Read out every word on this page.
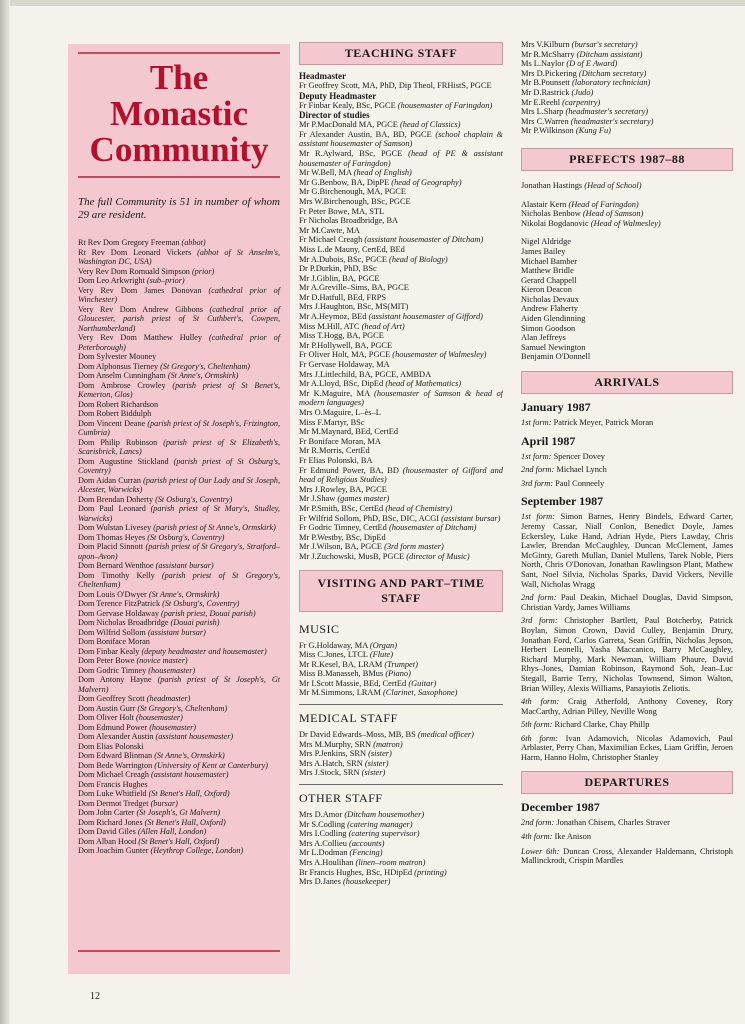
The
Monastic
Community

The full Community is 51 in number of whom 29 are resident.

Rt Rev Dom Gregory Freeman (abbot)

Rt Rev Dom Leonard Vickers (abbot of St Anselm's, Washington DC, USA)

Very Rev Dom Romuald Simpson (prior)

Dom Leo Arkwright (sub–prior)

Very Rev Dom James Donovan (cathedral prior of Winchester)

Very Rev Dom Andrew Gibbons (cathedral prior of Gloucester, parish priest of St Cuthbert's, Cowpen, Northumberland)

Very Rev Dom Matthew Hulley (cathedral prior of Peterborough)

Dom Sylvester Mooney

Dom Alphonsus Tierney (St Gregory's, Cheltenham)

Dom Anselm Cunningham (St Anne's, Ormskirk)

Dom Ambrose Crowley (parish priest of St Benet's, Kemerton, Glos)

Dom Robert Richardson

Dom Robert Biddulph

Dom Vincent Deane (parish priest of St Joseph's, Frizington, Cumbria)

Dom Philip Robinson (parish priest of St Elizabeth's, Scarisbrick, Lancs)

Dom Augustine Stickland (parish priest of St Osburg's, Coventry)

Dom Aidan Curran (parish priest of Our Lady and St Joseph, Alcester, Warwicks)

Dom Brendan Doherty (St Osburg's, Coventry)

Dom Paul Leonard (parish priest of St Mary's, Studley, Warwicks)

Dom Wulstan Livesey (parish priest of St Anne's, Ormskirk)

Dom Thomas Heyes (St Osburg's, Coventry)

Dom Placid Sinnott (parish priest of St Gregory's, Stratford–upon–Avon)

Dom Bernard Wenthoe (assistant bursar)

Dom Timothy Kelly (parish priest of St Gregory's, Cheltenham)

Dom Louis O'Dwyer (St Anne's, Ormskirk)

Dom Terence FitzPatrick (St Osburg's, Coventry)

Dom Gervase Holdaway (parish priest, Douai parish)

Dom Nicholas Broadbridge (Douai parish)

Dom Wilfrid Sollom (assistant bursar)

Dom Boniface Moran

Dom Finbar Kealy (deputy headmaster and housemaster)

Dom Peter Bowe (novice master)

Dom Godric Timney (housemaster)

Dom Antony Hayne (parish priest of St Joseph's, Gt Malvern)

Dom Geoffrey Scott (headmaster)

Dom Austin Gurr (St Gregory's, Cheltenham)

Dom Oliver Holt (housemaster)

Dom Edmund Power (housemaster)

Dom Alexander Austin (assistant housemaster)

Dom Elias Polonski

Dom Edward Blinman (St Anne's, Ormskirk)

Dom Bede Warrington (University of Kent at Canterbury)

Dom Michael Creagh (assistant housemaster)

Dom Francis Hughes

Dom Luke Whitfield (St Benet's Hall, Oxford)

Dom Dermot Tredget (bursar)

Dom John Carter (St Joseph's, Gt Malvern)

Dom Richard Jones (St Benet's Hall, Oxford)

Dom David Giles (Allen Hall, London)

Dom Alban Hood (St Benet's Hall, Oxford)

Dom Joachim Gunter (Heythrop College, London)

TEACHING STAFF

Headmaster

Fr Geoffrey Scott, MA, PhD, Dip Theol, FRHistS, PGCE

Deputy Headmaster

Fr Finbar Kealy, BSc, PGCE (housemaster of Faringdon)

Director of studies

Mr P.MacDonald MA, PGCE (head of Classics)

Fr Alexander Austin, BA, BD, PGCE (school chaplain & assistant housemaster of Samson)

Mr R.Aylward, BSc, PGCE (head of PE & assistant housemaster of Faringdon)

Mr W.Bell, MA (head of English)

Mr G.Benbow, BA, DipPE (head of Geography)

Mr G.Birchenough, MA, PGCE

Mrs W.Birchenough, BSc, PGCE

Fr Peter Bowe, MA, STL

Fr Nicholas Broadbridge, BA

Mr M.Cawte, MA

Fr Michael Creagh (assistant housemaster of Ditcham)

Miss L.de Mauny, CertEd, BEd

Mr A.Dubois, BSc, PGCE (head of Biology)

Dr P.Durkin, PhD, BSc

Mr J.Giblin, BA, PGCE

Mr A.Greville–Sims, BA, PGCE

Mr D.Hatfull, BEd, FRPS

Mrs J.Haughton, BSc, MS(MIT)

Mr A.Heymoz, BEd (assistant housemaster of Gifford)

Miss M.Hill, ATC (head of Art)

Miss T.Hogg, BA, PGCE

Mr P.Hollywell, BA, PGCE

Fr Oliver Holt, MA, PGCE (housemaster of Walmesley)

Fr Gervase Holdaway, MA

Mrs J.Littlechild, BA, PGCE, AMBDA

Mr A.Lloyd, BSc, DipEd (head of Mathematics)

Mr K.Maguire, MA (housemaster of Samson & head of modern languages)

Mrs O.Maguire, L–ès–L

Miss F.Martyr, BSc

Mr M.Maynard, BEd, CertEd

Fr Boniface Moran, MA

Mr R.Morris, CertEd

Fr Elias Polonski, BA

Fr Edmund Power, BA, BD (housemaster of Gifford and head of Religious Studies)

Mrs J.Rowley, BA, PGCE

Mr J.Shaw (games master)

Mr P.Smith, BSc, CertEd (head of Chemistry)

Fr Wilfrid Sollom, PhD, BSc, DIC, ACGI (assistant bursar)

Fr Godric Timney, CertEd (housemaster of Ditcham)

Mr P.Westby, BSc, DipEd

Mr J.Wilson, BA, PGCE (3rd form master)

Mr J.Zuchowski, MusB, PGCE (director of Music)

VISITING AND PART–TIME STAFF

MUSIC

Fr G.Holdaway, MA (Organ)

Miss C.Jones, LTCL (Flute)

Mr R.Kesel, BA, LRAM (Trumpet)

Miss B.Manasseh, BMus (Piano)

Mr I.Scott Massie, BEd, CertEd (Guitar)

Mr M.Simmons, LRAM (Clarinet, Saxophone)

MEDICAL STAFF

Dr David Edwards–Moss, MB, BS (medical officer)

Mrs M.Murphy, SRN (matron)

Mrs P.Jenkins, SRN (sister)

Mrs A.Hatch, SRN (sister)

Mrs J.Stock, SRN (sister)

OTHER STAFF

Mrs D.Amor (Ditcham housemother)

Mr S.Codling (catering manager)

Mrs I.Codling (catering supervisor)

Mrs A.Collieu (accounts)

Mr L.Dodman (Fencing)

Mrs A.Houlihan (linen–room matron)

Br Francis Hughes, BSc, HDipEd (printing)

Mrs D.Janes (housekeeper)

Mrs V.Kilburn (bursar's secretary)

Mr R.McSharry (Ditcham assistant)

Ms L.Naylor (D of E Award)

Mrs D.Pickering (Ditcham secretary)

Mr B.Pounsett (laboratory technician)

Mr D.Rastrick (Judo)

Mr E.Reehl (carpentry)

Mrs L.Sharp (headmaster's secretary)

Mrs C.Warren (headmaster's secretary)

Mr P.Wilkinson (Kung Fu)

PREFECTS 1987–88

Jonathan Hastings (Head of School)

Alastair Kern (Head of Faringdon)

Nicholas Benbow (Head of Samson)

Nikolai Bogdanovic (Head of Walmesley)

Nigel Aldridge

James Bailey

Michael Bamber

Matthew Bridle

Gerard Chappell

Kieron Deacon

Nicholas Devaux

Andrew Flaherty

Aiden Glendinning

Simon Goodson

Alan Jeffreys

Samuel Newington

Benjamin O'Donnell

ARRIVALS

January 1987

1st form: Patrick Meyer, Patrick Moran

April 1987

1st form: Spencer Dovey

2nd form: Michael Lynch

3rd form: Paul Conneely

September 1987

1st form: Simon Barnes, Henry Bindels, Edward Carter, Jeremy Cassar, Niall Conlon, Benedict Doyle, James Eckersley, Luke Hand, Adrian Hyde, Piers Lawday, Chris Lawler, Brendan McCaughley, Duncan McClement, James McGinty, Gareth Mullan, Daniel Mullens, Tarek Noble, Piers North, Chris O'Donovan, Jonathan Rawlingson Plant, Mathew Sant, Noel Silvia, Nicholas Sparks, David Vickers, Neville Wall, Nicholas Wragg

2nd form: Paul Deakin, Michael Douglas, David Simpson, Christian Vardy, James Williams

3rd form: Christopher Bartlett, Paul Botcherby, Patrick Boylan, Simon Crown, David Culley, Benjamin Drury, Jonathan Ford, Carlos Garreta, Sean Griffin, Nicholas Jepson, Herbert Leonelli, Yasha Maccanico, Barry McCaughley, Richard Murphy, Mark Newman, William Phaure, David Rhys–Jones, Damian Robinson, Raymond Soh, Jean–Luc Stegall, Barrie Terry, Nicholas Townsend, Simon Walton, Brian Willey, Alexis Williams, Panayiotis Zeliotis.

4th form: Craig Atherfold, Anthony Coveney, Rory MacCarthy, Adrian Pilley, Neville Wong

5th form: Richard Clarke, Chay Phillp

6th form: Ivan Adamovich, Nicolas Adamovich, Paul Arblaster, Perry Chan, Maximilian Eckes, Liam Griffin, Jeroen Harm, Hanno Holm, Christopher Stanley

DEPARTURES

December 1987

2nd form: Jonathan Chisem, Charles Straver

4th form: Ike Anison

Lower 6th: Duncan Cross, Alexander Haldemann, Christoph Mallinckrodt, Crispin Mardles

12
